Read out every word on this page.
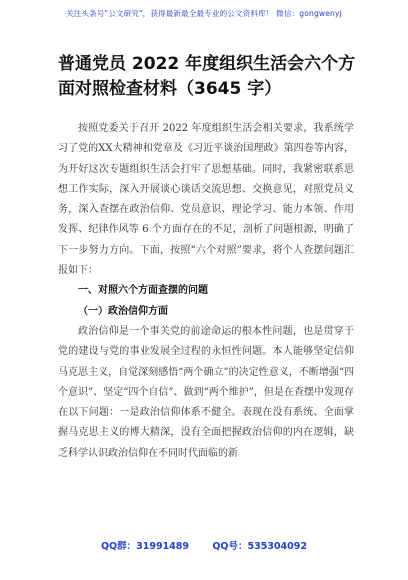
关注头条号"公文研究"，获得最新最全最专业的公文资料库！ 微信：gongwenyj
普通党员 2022 年度组织生活会六个方面对照检查材料（3645 字）

按照党委关于召开 2022 年度组织生活会相关要求，我系统学习了党的XX大精神和党章及《习近平谈治国理政》第四卷等内容，为开好这次专题组织生活会打牢了思想基础。同时，我紧密联系思想工作实际，深入开展谈心谈话交流思想、交换意见，对照党员义务，深入查摆在政治信仰、党员意识、理论学习、能力本领、作用发挥、纪律作风等 6 个方面存在的不足，剖析了问题根源，明确了下一步努力方向。下面，按照“六个对照”要求，将个人查摆问题汇报如下：

一、对照六个方面查摆的问题

（一）政治信仰方面

政治信仰是一个事关党的前途命运的根本性问题，也是贯穿于党的建设与党的事业发展全过程的永恒性问题。本人能够坚定信仰马克思主义，自觉深刻感悟“两个确立”的决定性意义，不断增强“四个意识”、坚定“四个自信”、做到“两个维护”，但是在查摆中发现存在以下问题：一是政治信仰体系不健全。表现在没有系统、全面掌握马克思主义的博大精深，没有全面把握政治信仰的内在逻辑，缺乏科学认识政治信仰在不同时代面临的新

QQ群：31991489 QQ号：535304092
